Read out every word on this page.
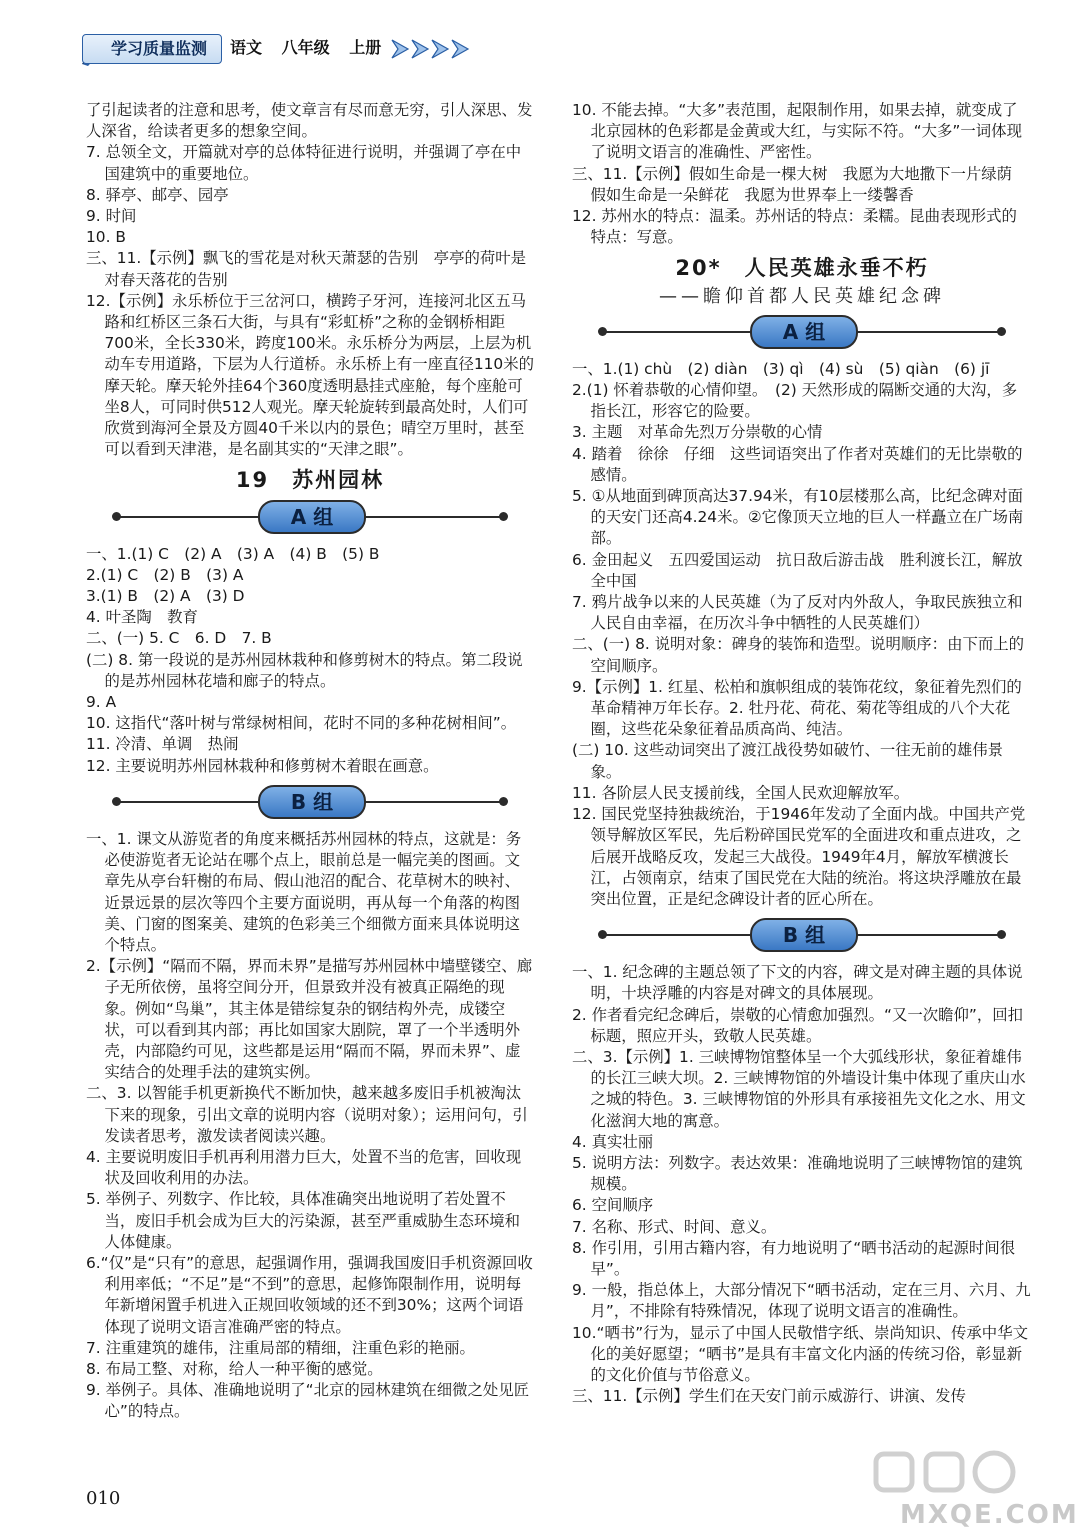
学习质量监测	语文 八年级 上册

了引起读者的注意和思考，使文章言有尽而意无穷，引人深思、发人深省，给读者更多的想象空间。

7. 总领全文，开篇就对亭的总体特征进行说明，并强调了亭在中国建筑中的重要地位。

8. 驿亭、邮亭、园亭

9. 时间

10. B

三、11.【示例】飘飞的雪花是对秋天萧瑟的告别　亭亭的荷叶是对春天落花的告别

12.【示例】永乐桥位于三岔河口，横跨子牙河，连接河北区五马路和红桥区三条石大街，与具有“彩虹桥”之称的金钢桥相距700米，全长330米，跨度100米。永乐桥分为两层，上层为机动车专用道路，下层为人行道桥。永乐桥上有一座直径110米的摩天轮。摩天轮外挂64个360度透明悬挂式座舱，每个座舱可坐8人，可同时供512人观光。摩天轮旋转到最高处时，人们可欣赏到海河全景及方圆40千米以内的景色；晴空万里时，甚至可以看到天津港，是名副其实的“天津之眼”。

19　苏州园林
A 组

一、1.(1) C　(2) A　(3) A　(4) B　(5) B

2.(1) C　(2) B　(3) A

3.(1) B　(2) A　(3) D

4. 叶圣陶　教育

二、(一) 5. C　6. D　7. B

(二) 8. 第一段说的是苏州园林栽种和修剪树木的特点。第二段说的是苏州园林花墙和廊子的特点。

9. A

10. 这指代“落叶树与常绿树相间，花时不同的多种花树相间”。

11. 冷清、单调　热闹

12. 主要说明苏州园林栽种和修剪树木着眼在画意。

B 组

一、1. 课文从游览者的角度来概括苏州园林的特点，这就是：务必使游览者无论站在哪个点上，眼前总是一幅完美的图画。文章先从亭台轩榭的布局、假山池沼的配合、花草树木的映衬、近景远景的层次等四个主要方面说明，再从每一个角落的构图美、门窗的图案美、建筑的色彩美三个细微方面来具体说明这个特点。

2.【示例】“隔而不隔，界而未界”是描写苏州园林中墙壁镂空、廊子无所依傍，虽将空间分开，但景致并没有被真正隔绝的现象。例如“鸟巢”，其主体是错综复杂的钢结构外壳，成镂空状，可以看到其内部；再比如国家大剧院，罩了一个半透明外壳，内部隐约可见，这些都是运用“隔而不隔，界而未界”、虚实结合的处理手法的建筑实例。

二、3. 以智能手机更新换代不断加快，越来越多废旧手机被淘汰下来的现象，引出文章的说明内容（说明对象）；运用问句，引发读者思考，激发读者阅读兴趣。

4. 主要说明废旧手机再利用潜力巨大，处置不当的危害，回收现状及回收利用的办法。

5. 举例子、列数字、作比较，具体准确突出地说明了若处置不当，废旧手机会成为巨大的污染源，甚至严重威胁生态环境和人体健康。

6.“仅”是“只有”的意思，起强调作用，强调我国废旧手机资源回收利用率低；“不足”是“不到”的意思，起修饰限制作用，说明每年新增闲置手机进入正规回收领域的还不到30%；这两个词语体现了说明文语言准确严密的特点。

7. 注重建筑的雄伟，注重局部的精细，注重色彩的艳丽。

8. 布局工整、对称，给人一种平衡的感觉。

9. 举例子。具体、准确地说明了“北京的园林建筑在细微之处见匠心”的特点。

10. 不能去掉。“大多”表范围，起限制作用，如果去掉，就变成了北京园林的色彩都是金黄或大红，与实际不符。“大多”一词体现了说明文语言的准确性、严密性。

三、11.【示例】假如生命是一棵大树　我愿为大地撒下一片绿荫　假如生命是一朵鲜花　我愿为世界奉上一缕馨香

12. 苏州水的特点：温柔。苏州话的特点：柔糯。昆曲表现形式的特点：写意。

20*　人民英雄永垂不朽
——瞻仰首都人民英雄纪念碑
A 组

一、1.(1) chù　(2) diàn　(3) qì　(4) sù　(5) qiàn　(6) jī

2.(1) 怀着恭敬的心情仰望。　(2) 天然形成的隔断交通的大沟，多指长江，形容它的险要。

3. 主题　对革命先烈万分崇敬的心情

4. 踏着　徐徐　仔细　这些词语突出了作者对英雄们的无比崇敬的感情。

5. ①从地面到碑顶高达37.94米，有10层楼那么高，比纪念碑对面的天安门还高4.24米。②它像顶天立地的巨人一样矗立在广场南部。

6. 金田起义　五四爱国运动　抗日敌后游击战　胜利渡长江，解放全中国

7. 鸦片战争以来的人民英雄（为了反对内外敌人，争取民族独立和人民自由幸福，在历次斗争中牺牲的人民英雄们）

二、(一) 8. 说明对象：碑身的装饰和造型。说明顺序：由下而上的空间顺序。

9.【示例】1. 红星、松柏和旗帜组成的装饰花纹，象征着先烈们的革命精神万年长存。2. 牡丹花、荷花、菊花等组成的八个大花圈，这些花朵象征着品质高尚、纯洁。

(二) 10. 这些动词突出了渡江战役势如破竹、一往无前的雄伟景象。

11. 各阶层人民支援前线，全国人民欢迎解放军。

12. 国民党坚持独裁统治，于1946年发动了全面内战。中国共产党领导解放区军民，先后粉碎国民党军的全面进攻和重点进攻，之后展开战略反攻，发起三大战役。1949年4月，解放军横渡长江，占领南京，结束了国民党在大陆的统治。将这块浮雕放在最突出位置，正是纪念碑设计者的匠心所在。

B 组

一、1. 纪念碑的主题总领了下文的内容，碑文是对碑主题的具体说明，十块浮雕的内容是对碑文的具体展现。

2. 作者看完纪念碑后，崇敬的心情愈加强烈。“又一次瞻仰”，回扣标题，照应开头，致敬人民英雄。

二、3.【示例】1. 三峡博物馆整体呈一个大弧线形状，象征着雄伟的长江三峡大坝。2. 三峡博物馆的外墙设计集中体现了重庆山水之城的特色。3. 三峡博物馆的外形具有承接祖先文化之水、用文化滋润大地的寓意。

4. 真实壮丽

5. 说明方法：列数字。表达效果：准确地说明了三峡博物馆的建筑规模。

6. 空间顺序

7. 名称、形式、时间、意义。

8. 作引用，引用古籍内容，有力地说明了“晒书活动的起源时间很早”。

9. 一般，指总体上，大部分情况下“晒书活动，定在三月、六月、九月”，不排除有特殊情况，体现了说明文语言的准确性。

10.“晒书”行为，显示了中国人民敬惜字纸、崇尚知识、传承中华文化的美好愿望；“晒书”是具有丰富文化内涵的传统习俗，彰显新的文化价值与节俗意义。

三、11.【示例】学生们在天安门前示威游行、讲演、发传

010
MXQE.COM
